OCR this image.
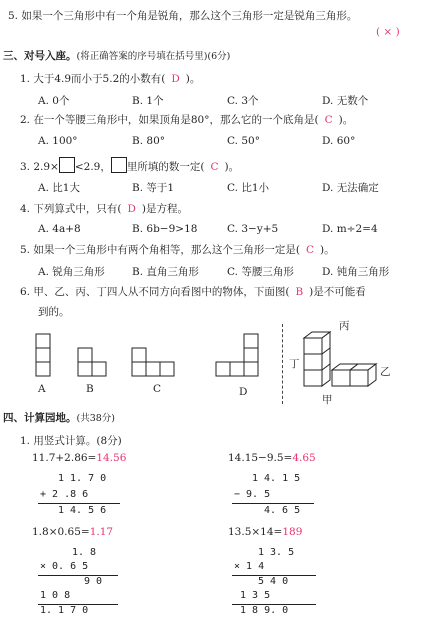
5. 如果一个三角形中有一个角是锐角，那么这个三角形一定是锐角三角形。
( × )
三、对号入座。(将正确答案的序号填在括号里)(6分)
1. 大于4.9而小于5.2的小数有( D )。
A. 0个	B. 1个	C. 3个	D. 无数个
2. 在一个等腰三角形中，如果顶角是80°，那么它的一个底角是( C )。
A. 100°	B. 80°	C. 50°	D. 60°
3. 2.9× <2.9， 里所填的数一定( C )。
A. 比1大	B. 等于1	C. 比1小	D. 无法确定
4. 下列算式中，只有( D )是方程。
A. 4a+8	B. 6b−9>18	C. 3−y+5	D. m÷2=4
5. 如果一个三角形中有两个角相等，那么这个三角形一定是( C )。
A. 锐角三角形	B. 直角三角形	C. 等腰三角形	D. 钝角三角形
6. 甲、乙、丙、丁四人从不同方向看图中的物体，下面图( B )是不可能看
到的。
A	B	C	D
丙
丁
乙
甲
四、计算园地。(共38分)
1. 用竖式计算。(8分)
11.7+2.86=14.56
1 1. 7 0
+ 2 .8 6
1 4. 5 6
14.15−9.5=4.65
1 4. 1 5
− 9. 5
4. 6 5
1.8×0.65=1.17
1. 8
× 0. 6 5
9 0
1 0 8
1. 1 7 0
13.5×14=189
1 3. 5
× 1 4
5 4 0
1 3 5
1 8 9. 0
